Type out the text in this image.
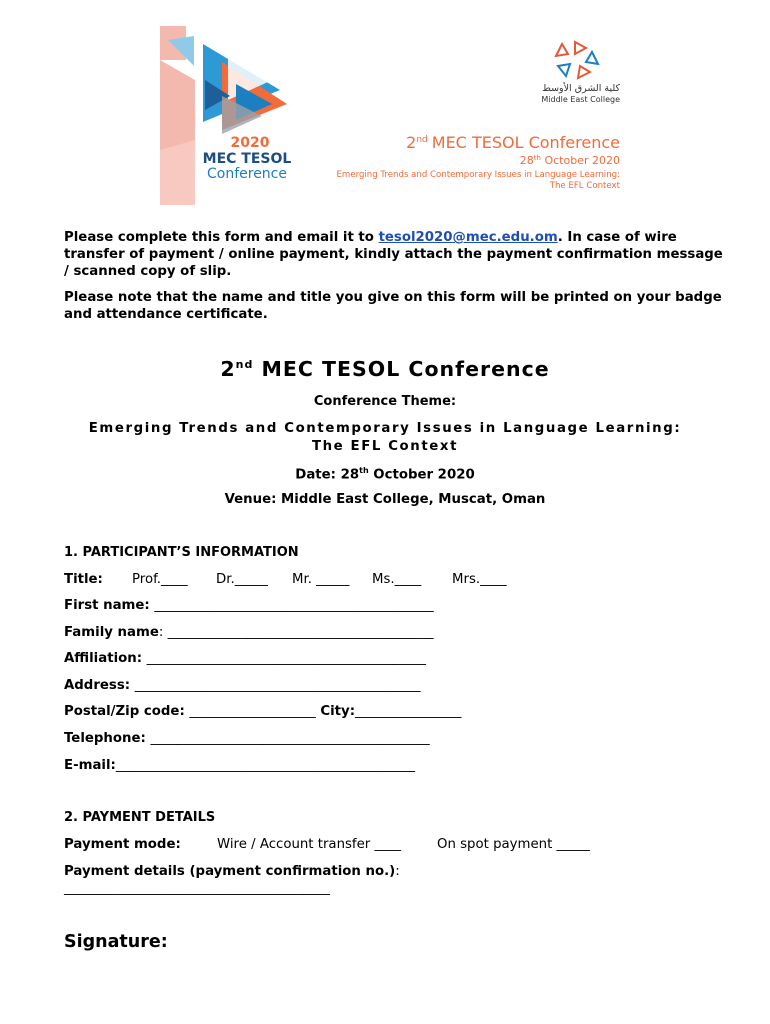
2020
MEC TESOL
Conference
كلية الشرق الأوسط
Middle East College
2nd MEC TESOL Conference
28th October 2020
Emerging Trends and Contemporary Issues in Language Learning:
The EFL Context
Please complete this form and email it to tesol2020@mec.edu.om. In case of wire transfer of payment / online payment, kindly attach the payment confirmation message / scanned copy of slip.
Please note that the name and title you give on this form will be printed on your badge and attendance certificate.
2nd MEC TESOL Conference
Conference Theme:
Emerging Trends and Contemporary Issues in Language Learning:
The EFL Context
Date: 28th October 2020
Venue: Middle East College, Muscat, Oman
1. PARTICIPANT’S INFORMATION
Title: Prof.____ Dr._____ Mr. _____ Ms.____ Mrs.____
First name: __________________________________________
Family name: ________________________________________
Affiliation: __________________________________________
Address: ___________________________________________
Postal/Zip code: ___________________ City:________________
Telephone: __________________________________________
E-mail:_____________________________________________
2. PAYMENT DETAILS
Payment mode:	Wire / Account transfer ____	On spot payment _____
Payment details (payment confirmation no.):
________________________________________
Signature:
